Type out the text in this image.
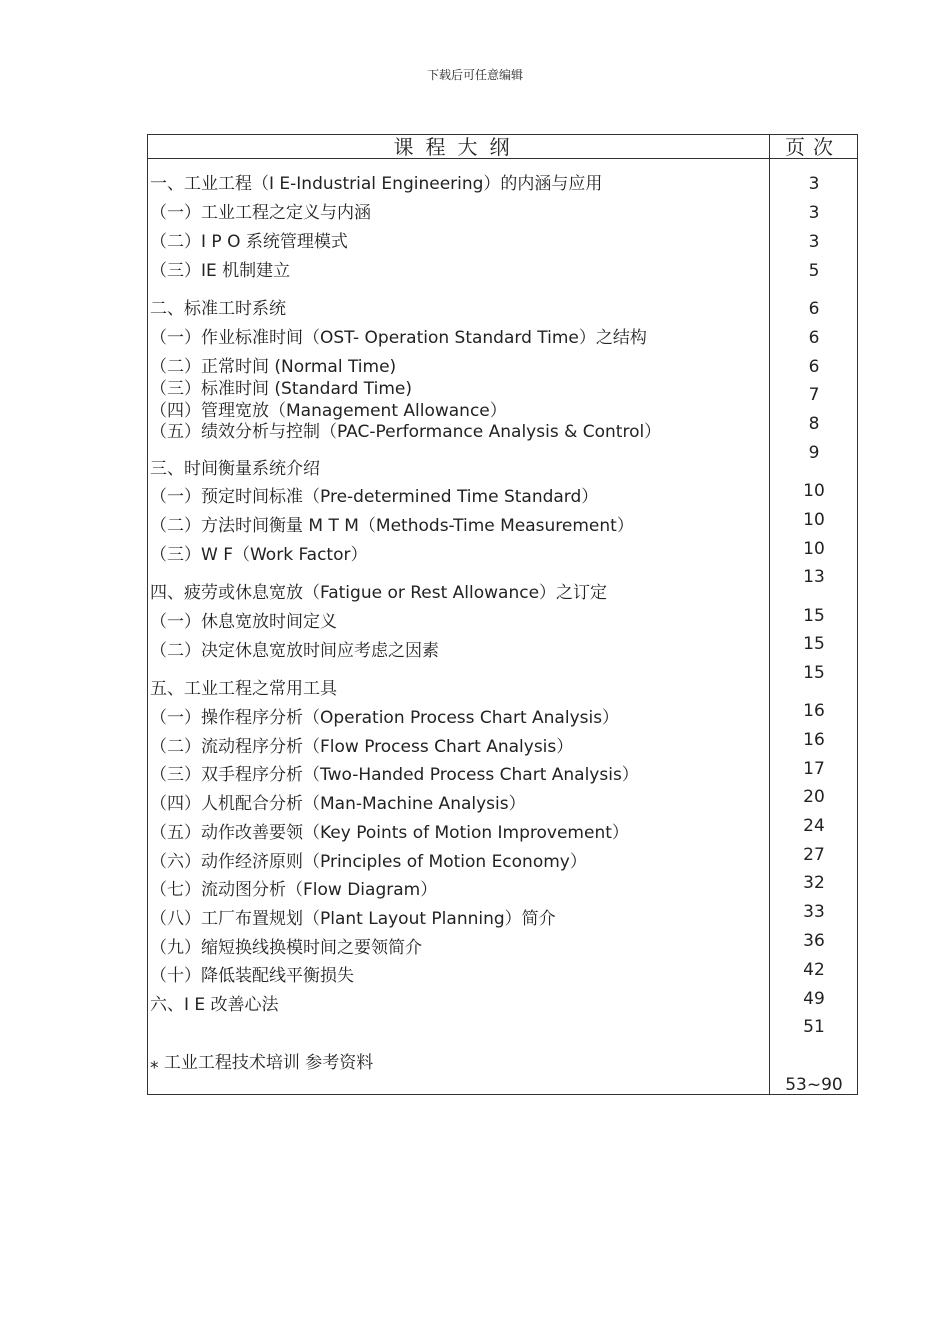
下载后可任意编辑
课程大纲	页次
一、工业工程（I E-Industrial Engineering）的内涵与应用
（一）工业工程之定义与内涵
（二）I P O 系统管理模式
（三）IE 机制建立
二、标准工时系统
（一）作业标准时间（OST- Operation Standard Time）之结构
（二）正常时间 (Normal Time)
（三）标准时间 (Standard Time)
（四）管理宽放（Management Allowance）
（五）绩效分析与控制（PAC-Performance Analysis & Control）
三、时间衡量系统介绍
（一）预定时间标准（Pre-determined Time Standard）
（二）方法时间衡量 M T M（Methods-Time Measurement）
（三）W F（Work Factor）
四、疲劳或休息宽放（Fatigue or Rest Allowance）之订定
（一）休息宽放时间定义
（二）决定休息宽放时间应考虑之因素
五、工业工程之常用工具
（一）操作程序分析（Operation Process Chart Analysis）
（二）流动程序分析（Flow Process Chart Analysis）
（三）双手程序分析（Two-Handed Process Chart Analysis）
（四）人机配合分析（Man-Machine Analysis）
（五）动作改善要领（Key Points of Motion Improvement）
（六）动作经济原则（Principles of Motion Economy）
（七）流动图分析（Flow Diagram）
（八）工厂布置规划（Plant Layout Planning）简介
（九）缩短换线换模时间之要领简介
（十）降低装配线平衡损失
六、I E 改善心法
⁎ 工业工程技术培训 参考资料
3
3
3
5
6
6
6
7
8
9
10
10
10
13
15
15
15
16
16
17
20
24
27
32
33
36
42
49
51
53~90
